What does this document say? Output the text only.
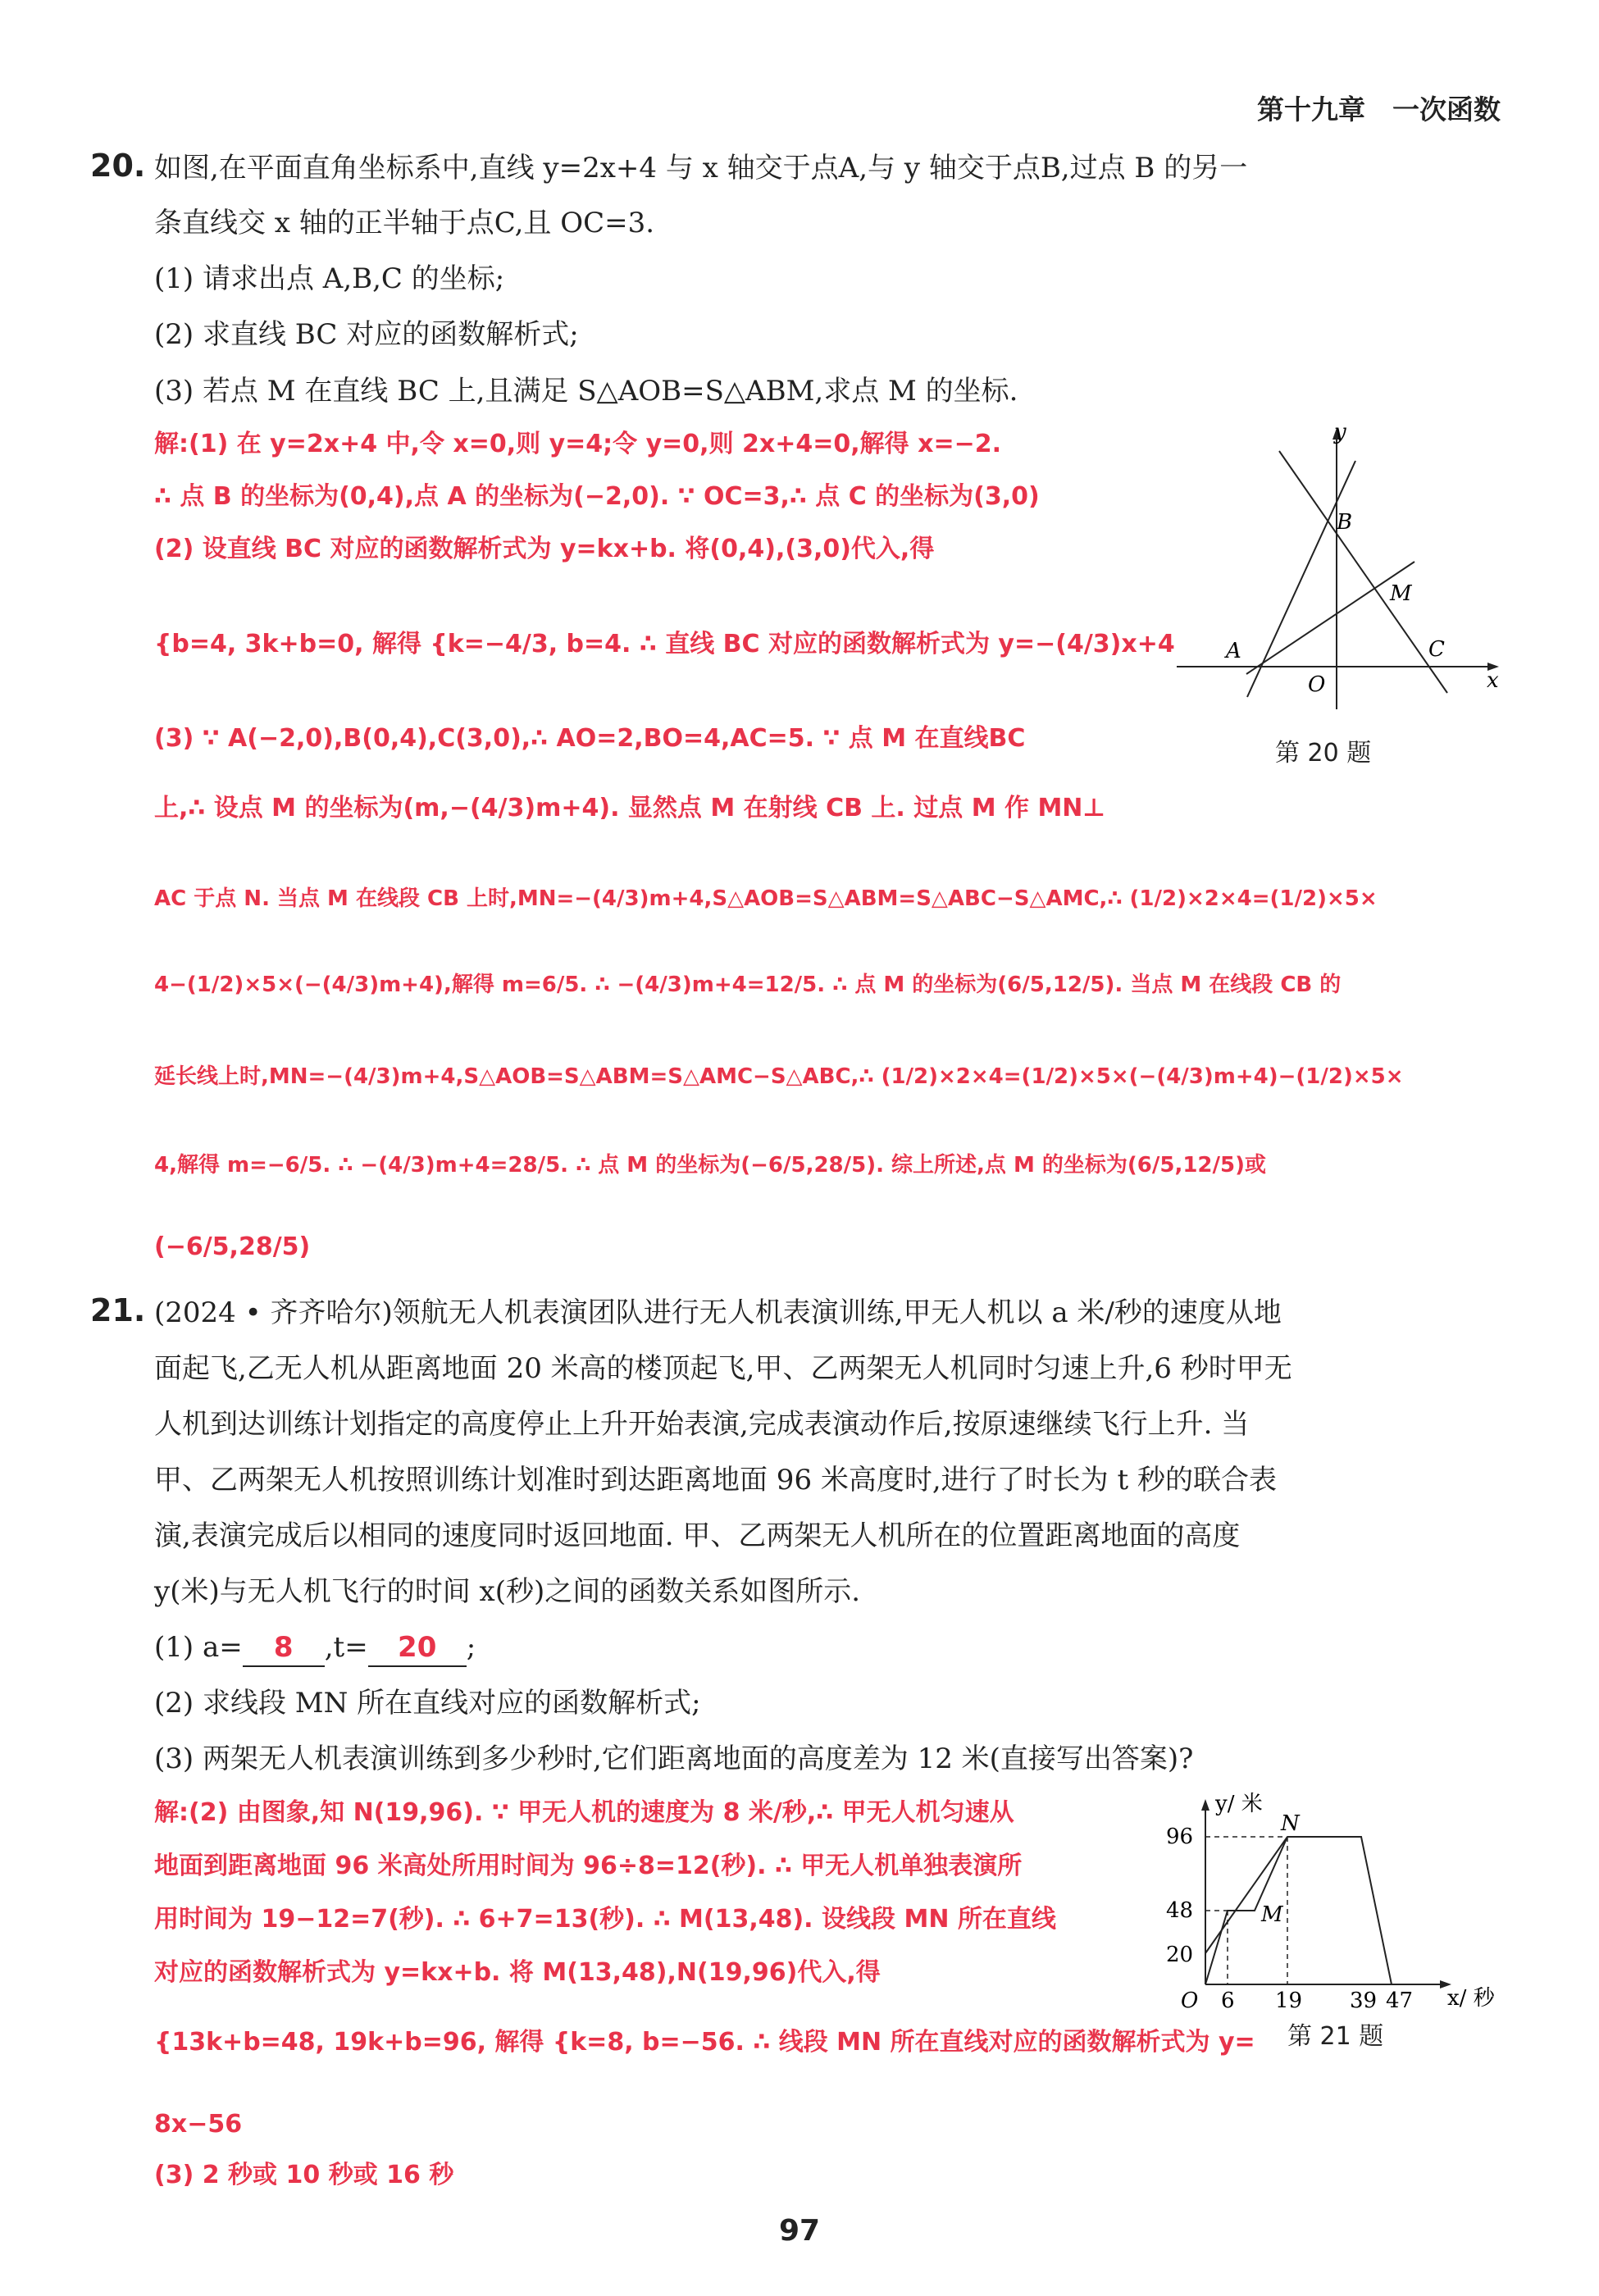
第十九章　一次函数
20. 如图,在平面直角坐标系中,直线 y=2x+4 与 x 轴交于点A,与 y 轴交于点B,过点 B 的另一
条直线交 x 轴的正半轴于点C,且 OC=3.
(1) 请求出点 A,B,C 的坐标;
(2) 求直线 BC 对应的函数解析式;
(3) 若点 M 在直线 BC 上,且满足 S△AOB=S△ABM,求点 M 的坐标.
解:(1) 在 y=2x+4 中,令 x=0,则 y=4;令 y=0,则 2x+4=0,解得 x=−2.
∴ 点 B 的坐标为(0,4),点 A 的坐标为(−2,0). ∵ OC=3,∴ 点 C 的坐标为(3,0)
(2) 设直线 BC 对应的函数解析式为 y=kx+b. 将(0,4),(3,0)代入,得
{b=4, 3k+b=0, 解得 {k=−4/3, b=4. ∴ 直线 BC 对应的函数解析式为 y=−(4/3)x+4
(3) ∵ A(−2,0),B(0,4),C(3,0),∴ AO=2,BO=4,AC=5. ∵ 点 M 在直线BC
上,∴ 设点 M 的坐标为(m,−(4/3)m+4). 显然点 M 在射线 CB 上. 过点 M 作 MN⊥
AC 于点 N. 当点 M 在线段 CB 上时,MN=−(4/3)m+4,S△AOB=S△ABM=S△ABC−S△AMC,∴ (1/2)×2×4=(1/2)×5×
4−(1/2)×5×(−(4/3)m+4),解得 m=6/5. ∴ −(4/3)m+4=12/5. ∴ 点 M 的坐标为(6/5,12/5). 当点 M 在线段 CB 的
延长线上时,MN=−(4/3)m+4,S△AOB=S△ABM=S△AMC−S△ABC,∴ (1/2)×2×4=(1/2)×5×(−(4/3)m+4)−(1/2)×5×
4,解得 m=−6/5. ∴ −(4/3)m+4=28/5. ∴ 点 M 的坐标为(−6/5,28/5). 综上所述,点 M 的坐标为(6/5,12/5)或
(−6/5,28/5)
y
x
B
M
A
O
C
第 20 题
21. (2024 • 齐齐哈尔)领航无人机表演团队进行无人机表演训练,甲无人机以 a 米/秒的速度从地
面起飞,乙无人机从距离地面 20 米高的楼顶起飞,甲、乙两架无人机同时匀速上升,6 秒时甲无
人机到达训练计划指定的高度停止上升开始表演,完成表演动作后,按原速继续飞行上升. 当
甲、乙两架无人机按照训练计划准时到达距离地面 96 米高度时,进行了时长为 t 秒的联合表
演,表演完成后以相同的速度同时返回地面. 甲、乙两架无人机所在的位置距离地面的高度
y(米)与无人机飞行的时间 x(秒)之间的函数关系如图所示.
(1) a= 8 ,t= 20 ;
(2) 求线段 MN 所在直线对应的函数解析式;
(3) 两架无人机表演训练到多少秒时,它们距离地面的高度差为 12 米(直接写出答案)?
解:(2) 由图象,知 N(19,96). ∵ 甲无人机的速度为 8 米/秒,∴ 甲无人机匀速从
地面到距离地面 96 米高处所用时间为 96÷8=12(秒). ∴ 甲无人机单独表演所
用时间为 19−12=7(秒). ∴ 6+7=13(秒). ∴ M(13,48). 设线段 MN 所在直线
对应的函数解析式为 y=kx+b. 将 M(13,48),N(19,96)代入,得
{13k+b=48, 19k+b=96, 解得 {k=8, b=−56. ∴ 线段 MN 所在直线对应的函数解析式为 y=
8x−56
(3) 2 秒或 10 秒或 16 秒
y/ 米
x/ 秒
96
48
20
O 6 19 39 47
N
M
第 21 题
97
